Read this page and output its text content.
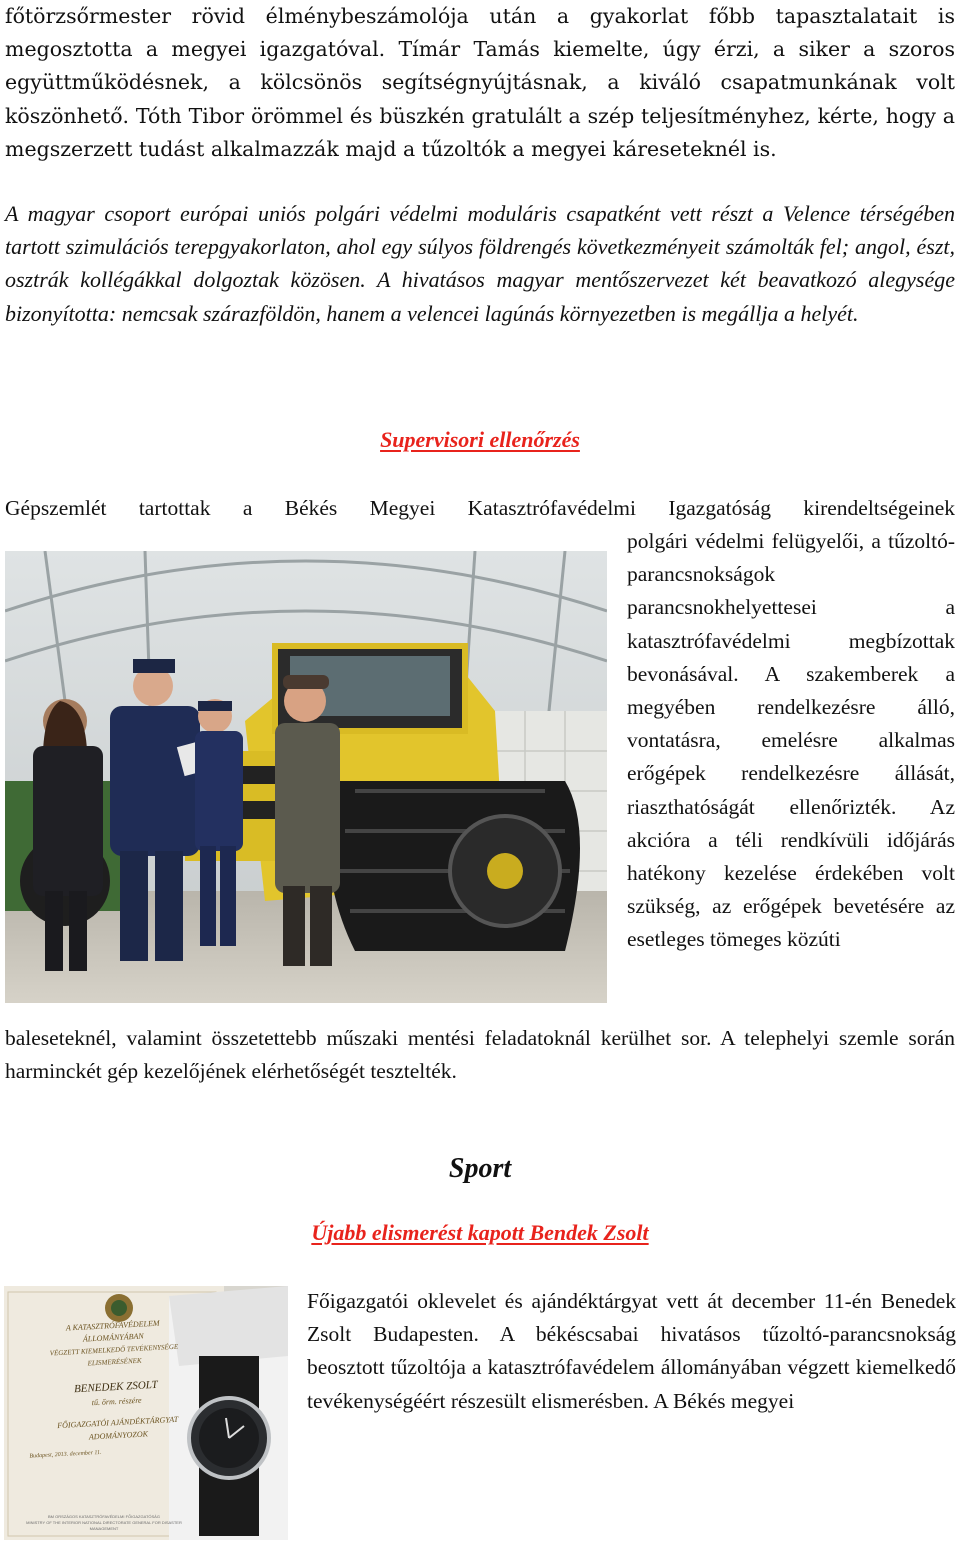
főtörzsőrmester rövid élménybeszámolója után a gyakorlat főbb tapasztalatait is megosztotta a megyei igazgatóval. Tímár Tamás kiemelte, úgy érzi, a siker a szoros együttműködésnek, a kölcsönös segítségnyújtásnak, a kiváló csapatmunkának volt köszönhető. Tóth Tibor örömmel és büszkén gratulált a szép teljesítményhez, kérte, hogy a megszerzett tudást alkalmazzák majd a tűzoltók a megyei káreseteknél is.
A magyar csoport európai uniós polgári védelmi moduláris csapatként vett részt a Velence térségében tartott szimulációs terepgyakorlaton, ahol egy súlyos földrengés következményeit számolták fel; angol, észt, osztrák kollégákkal dolgoztak közösen. A hivatásos magyar mentőszervezet két beavatkozó alegysége bizonyította: nemcsak szárazföldön, hanem a velencei lagúnás környezetben is megállja a helyét.
Supervisori ellenőrzés
Gépszemlét tartottak a Békés Megyei Katasztrófavédelmi Igazgatóság kirendeltségeinek
polgári védelmi felügyelői, a tűzoltó-parancsnokságok parancsnokhelyettesei a katasztrófavédelmi megbízottak bevonásával. A szakemberek a megyében rendelkezésre álló, vontatásra, emelésre alkalmas erőgépek rendelkezésre állását, riaszthatóságát ellenőrizték. Az akcióra a téli rendkívüli időjárás hatékony kezelése érdekében volt szükség, az erőgépek bevetésére az esetleges tömeges közúti
baleseteknél, valamint összetettebb műszaki mentési feladatoknál kerülhet sor. A telephelyi szemle során harminckét gép kezelőjének elérhetőségét tesztelték.
Sport
Újabb elismerést kapott Bendek Zsolt
A KATASZTRÓFAVÉDELEM
ÁLLOMÁNYÁBAN
VÉGZETT KIEMELKEDŐ TEVÉKENYSÉGE
ELISMERÉSÉNEK
BENEDEK ZSOLT
tű. őrm. részére
FŐIGAZGATÓI AJÁNDÉKTÁRGYAT
ADOMÁNYOZOK
Budapest, 2013. december 11.
BM ORSZÁGOS KATASZTRÓFAVÉDELMI FŐIGAZGATÓSÁG
MINISTRY OF THE INTERIOR NATIONAL DIRECTORATE GENERAL FOR DISASTER MANAGEMENT
Főigazgatói oklevelet és ajándéktárgyat vett át december 11-én Benedek Zsolt Budapesten. A békéscsabai hivatásos tűzoltó-parancsnokság beosztott tűzoltója a katasztrófavédelem állományában végzett kiemelkedő tevékenységéért részesült elismerésben. A Békés megyei
